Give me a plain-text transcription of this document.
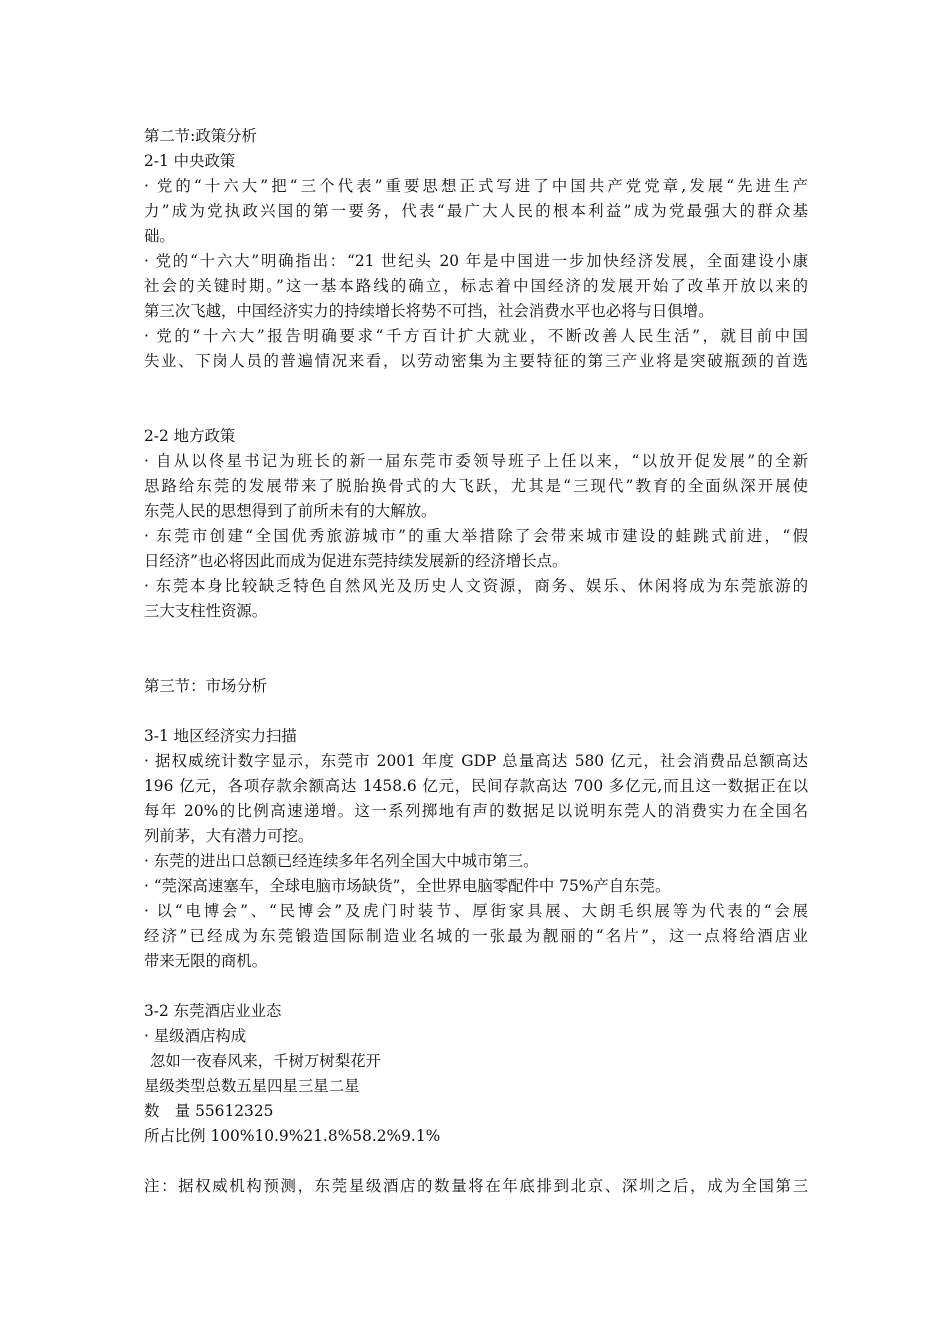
第二节:政策分析
2-1 中央政策
· 党的“十六大”把“三个代表”重要思想正式写进了中国共产党党章,发展“先进生产
力”成为党执政兴国的第一要务，代表“最广大人民的根本利益”成为党最强大的群众基
础。
· 党的“十六大”明确指出：“21 世纪头 20 年是中国进一步加快经济发展，全面建设小康
社会的关键时期。”这一基本路线的确立，标志着中国经济的发展开始了改革开放以来的
第三次飞越，中国经济实力的持续增长将势不可挡，社会消费水平也必将与日俱增。
· 党的“十六大”报告明确要求“千方百计扩大就业，不断改善人民生活”，就目前中国
失业、下岗人员的普遍情况来看，以劳动密集为主要特征的第三产业将是突破瓶颈的首选
2-2 地方政策
· 自从以佟星书记为班长的新一届东莞市委领导班子上任以来，“以放开促发展”的全新
思路给东莞的发展带来了脱胎换骨式的大飞跃，尤其是“三现代”教育的全面纵深开展使
东莞人民的思想得到了前所未有的大解放。
· 东莞市创建“全国优秀旅游城市”的重大举措除了会带来城市建设的蛙跳式前进，“假
日经济”也必将因此而成为促进东莞持续发展新的经济增长点。
· 东莞本身比较缺乏特色自然风光及历史人文资源，商务、娱乐、休闲将成为东莞旅游的
三大支柱性资源。
第三节：市场分析
3-1 地区经济实力扫描
· 据权威统计数字显示，东莞市 2001 年度 GDP 总量高达 580 亿元，社会消费品总额高达
196 亿元，各项存款余额高达 1458.6 亿元，民间存款高达 700 多亿元,而且这一数据正在以
每年 20%的比例高速递增。这一系列掷地有声的数据足以说明东莞人的消费实力在全国名
列前茅，大有潜力可挖。
· 东莞的进出口总额已经连续多年名列全国大中城市第三。
· “莞深高速塞车，全球电脑市场缺货”，全世界电脑零配件中 75%产自东莞。
· 以“电博会”、“民博会”及虎门时装节、厚街家具展、大朗毛织展等为代表的“会展
经济”已经成为东莞锻造国际制造业名城的一张最为靓丽的“名片”，这一点将给酒店业
带来无限的商机。
3-2 东莞酒店业业态
· 星级酒店构成
忽如一夜春风来，千树万树梨花开
星级类型总数五星四星三星二星
数　量 55612325
所占比例 100%10.9%21.8%58.2%9.1%
注：据权威机构预测，东莞星级酒店的数量将在年底排到北京、深圳之后，成为全国第三
